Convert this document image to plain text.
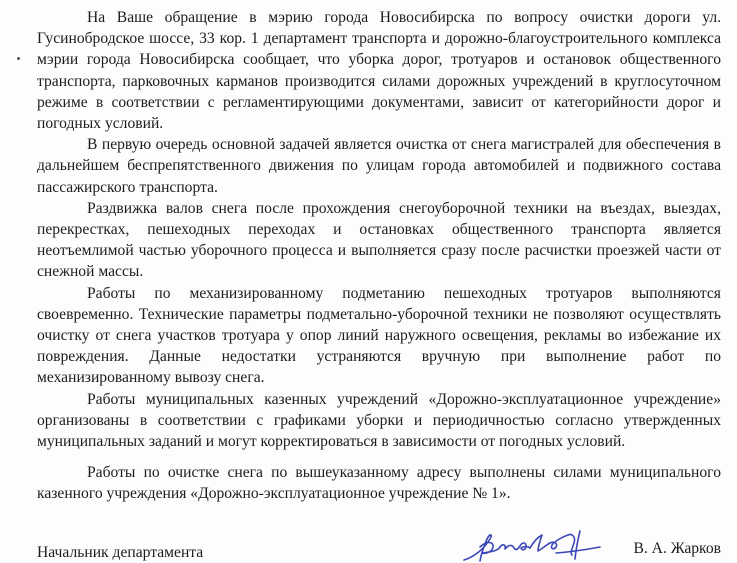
На Ваше обращение в мэрию города Новосибирска по вопросу очистки дороги ул. Гусинобродское шоссе, 33 кор. 1 департамент транспорта и дорожно-благоустроительного комплекса мэрии города Новосибирска сообщает, что уборка дорог, тротуаров и остановок общественного транспорта, парковочных карманов производится силами дорожных учреждений в круглосуточном режиме в соответствии с регламентирующими документами, зависит от категорийности дорог и погодных условий.

В первую очередь основной задачей является очистка от снега магистралей для обеспечения в дальнейшем беспрепятственного движения по улицам города автомобилей и подвижного состава пассажирского транспорта.

Раздвижка валов снега после прохождения снегоуборочной техники на въездах, выездах, перекрестках, пешеходных переходах и остановках общественного транспорта является неотъемлимой частью уборочного процесса и выполняется сразу после расчистки проезжей части от снежной массы.

Работы по механизированному подметанию пешеходных тротуаров выполняются своевременно. Технические параметры подметально-уборочной техники не позволяют осуществлять очистку от снега участков тротуара у опор линий наружного освещения, рекламы во избежание их повреждения. Данные недостатки устраняются вручную при выполнение работ по механизированному вывозу снега.

Работы муниципальных казенных учреждений «Дорожно-эксплуатационное учреждение» организованы в соответствии с графиками уборки и периодичностью согласно утвержденных муниципальных заданий и могут корректироваться в зависимости от погодных условий.

Работы по очистке снега по вышеуказанному адресу выполнены силами муниципального казенного учреждения «Дорожно-эксплуатационное учреждение № 1».

Начальник департамента	В. А. Жарков
